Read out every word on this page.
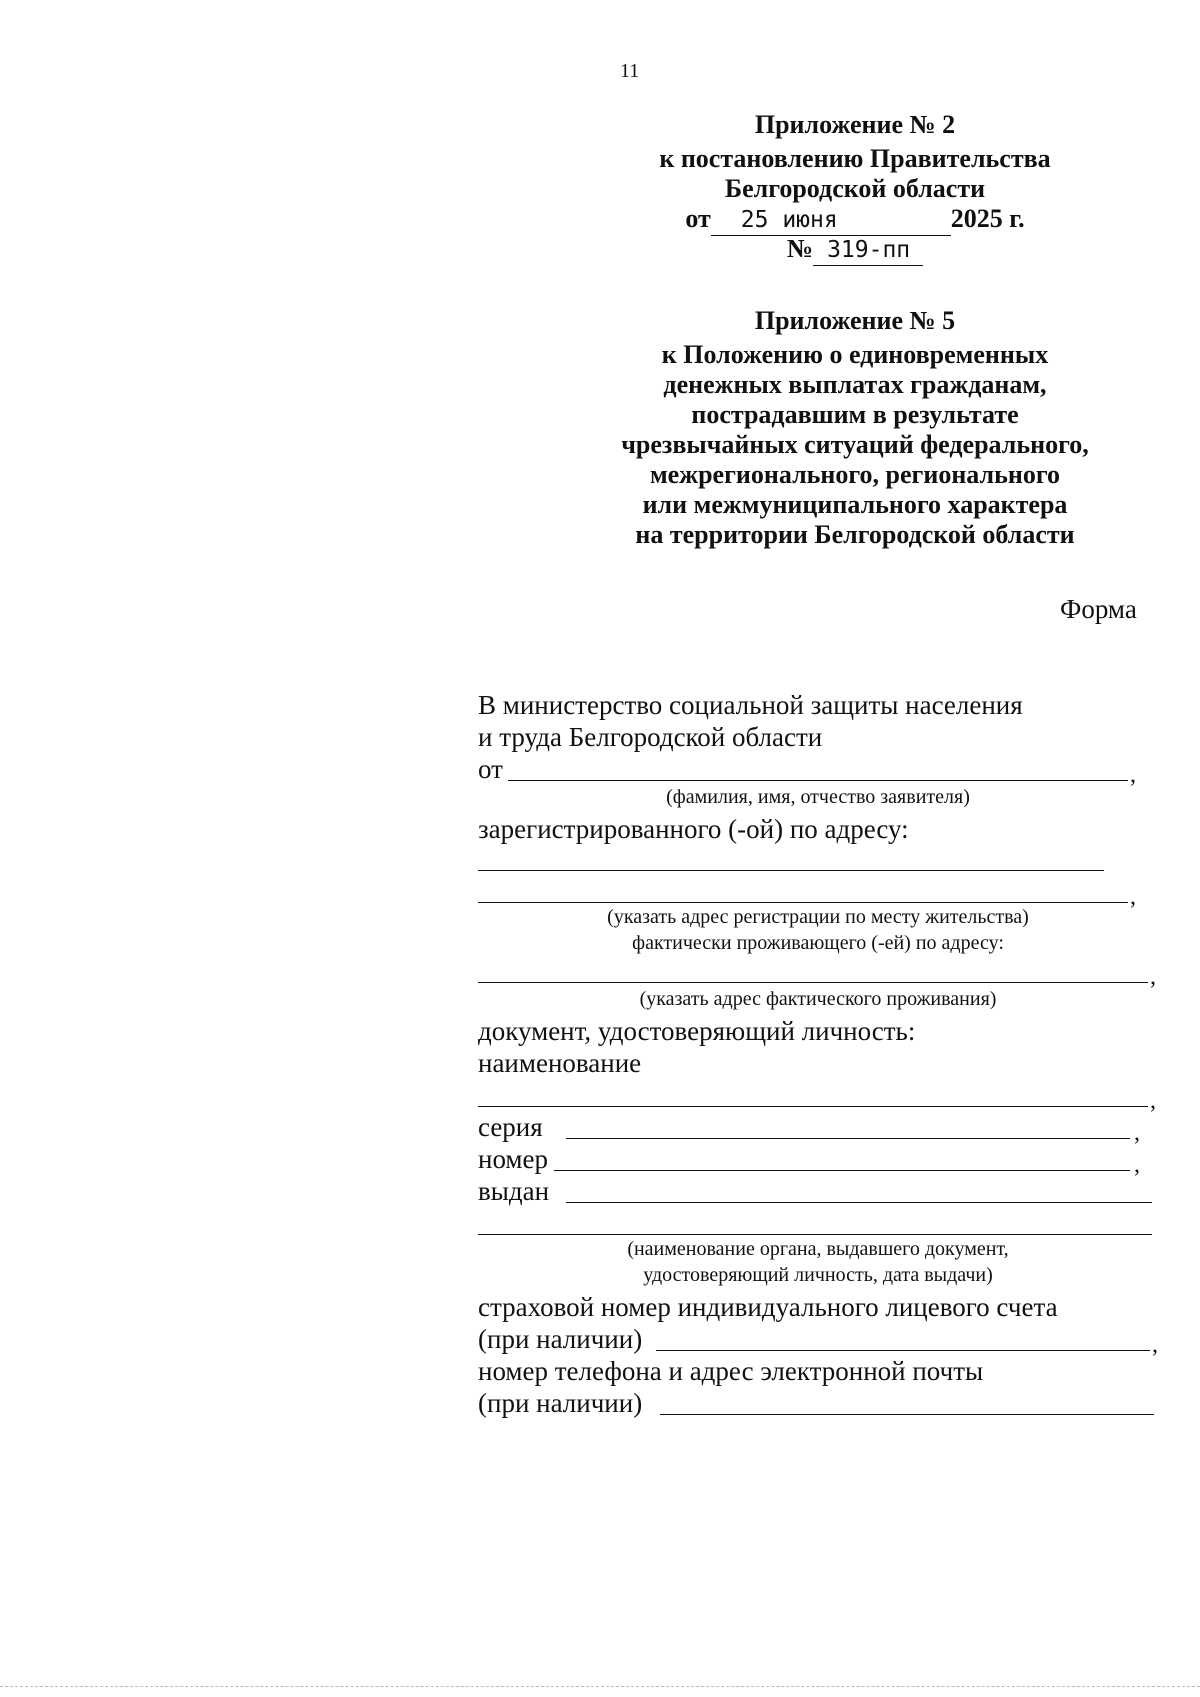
11
Приложение № 2
к постановлению Правительства
Белгородской области
от 25 июня	2025 г.
№ 319-пп
Приложение № 5
к Положению о единовременных
денежных выплатах гражданам,
пострадавшим в результате
чрезвычайных ситуаций федерального,
межрегионального, регионального
или межмуниципального характера
на территории Белгородской области
Форма
В министерство социальной защиты населения
и труда Белгородской области
от	,
(фамилия, имя, отчество заявителя)
зарегистрированного (-ой) по адресу:
,
(указать адрес регистрации по месту жительства)
фактически проживающего (-ей) по адресу:
,
(указать адрес фактического проживания)
документ, удостоверяющий личность:
наименование
,
серия	,
номер	,
выдан
(наименование органа, выдавшего документ,
удостоверяющий личность, дата выдачи)
страховой номер индивидуального лицевого счета
(при наличии)	,
номер телефона и адрес электронной почты
(при наличии)
